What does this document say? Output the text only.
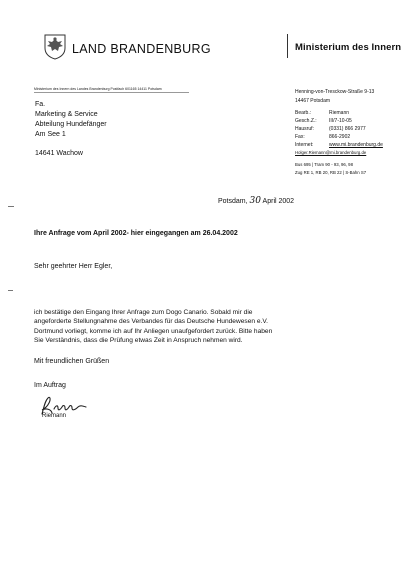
LAND BRANDENBURG	Ministerium des Innern
Ministerium des Innern des Landes Brandenburg Postfach 601165 14411 Potsdam
Fa.
Marketing & Service
Abteilung Hundefänger
Am See 1
14641 Wachow
Henning-von-Tresckow-Straße 9-13
14467 Potsdam
Bearb.:	Riemann
Gesch.Z.: III/7-10-05
Hausruf:	(0331) 866 2977
Fax:	866-2902
Internet:	www.mi.brandenburg.de
Holger.Riemann@mi.brandenburg.de
Bus 695 | Tram 90 - 93, 96, 98
Zug RE 1, RB 20, RB 22 | S-Bahn S7
Potsdam, 30 April 2002
Ihre Anfrage vom April 2002- hier eingegangen am 26.04.2002
Sehr geehrter Herr Egler,
ich bestätige den Eingang Ihrer Anfrage zum Dogo Canario. Sobald mir die
angeforderte Stellungnahme des Verbandes für das Deutsche Hundewesen e.V.
Dortmund vorliegt, komme ich auf Ihr Anliegen unaufgefordert zurück. Bitte haben
Sie Verständnis, dass die Prüfung etwas Zeit in Anspruch nehmen wird.
Mit freundlichen Grüßen
Im Auftrag
Riemann
